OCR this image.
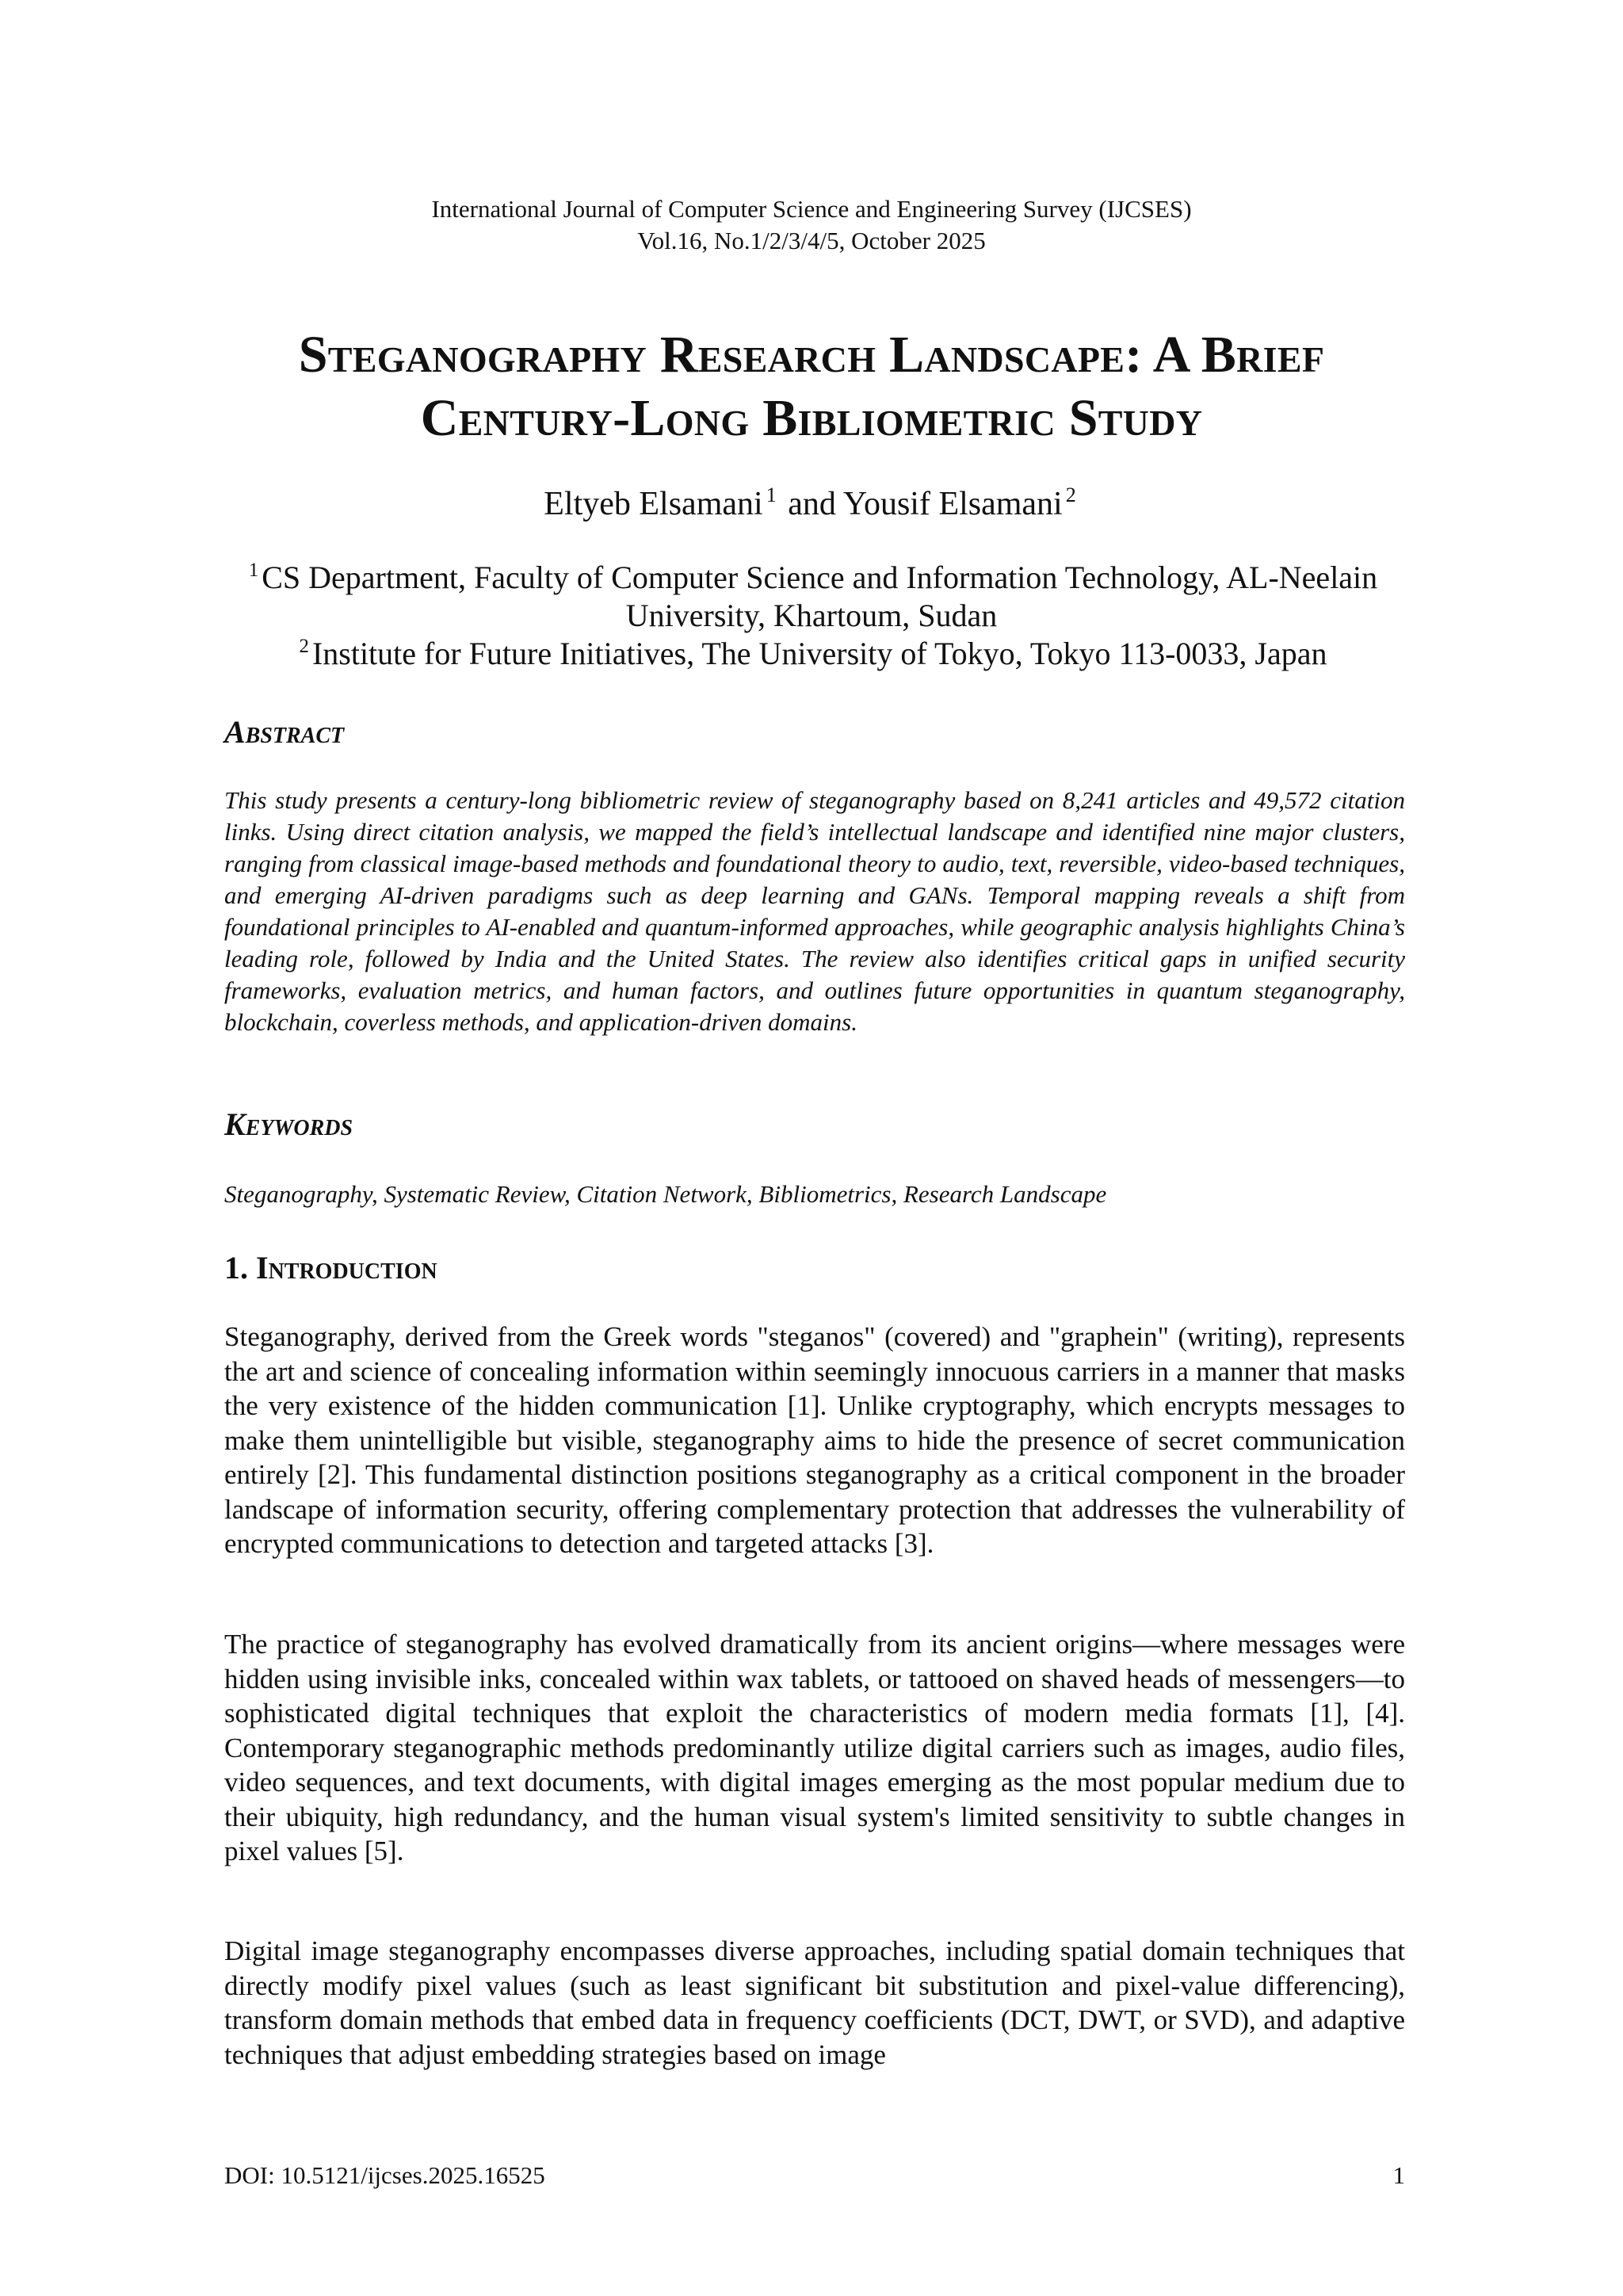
International Journal of Computer Science and Engineering Survey (IJCSES)
Vol.16, No.1/2/3/4/5, October 2025
Steganography Research Landscape: A Brief
Century-Long Bibliometric Study
Eltyeb Elsamani $^1$ and Yousif Elsamani $^2$
$^1$ CS Department, Faculty of Computer Science and Information Technology, AL-Neelain
University, Khartoum, Sudan
$^2$ Institute for Future Initiatives, The University of Tokyo, Tokyo 113-0033, Japan
Abstract

This study presents a century-long bibliometric review of steganography based on 8,241 articles and 49,572 citation links. Using direct citation analysis, we mapped the field’s intellectual landscape and identified nine major clusters, ranging from classical image-based methods and foundational theory to audio, text, reversible, video-based techniques, and emerging AI-driven paradigms such as deep learning and GANs. Temporal mapping reveals a shift from foundational principles to AI-enabled and quantum-informed approaches, while geographic analysis highlights China’s leading role, followed by India and the United States. The review also identifies critical gaps in unified security frameworks, evaluation metrics, and human factors, and outlines future opportunities in quantum steganography, blockchain, coverless methods, and application-driven domains.

Keywords

Steganography, Systematic Review, Citation Network, Bibliometrics, Research Landscape

1. Introduction

Steganography, derived from the Greek words "steganos" (covered) and "graphein" (writing), represents the art and science of concealing information within seemingly innocuous carriers in a manner that masks the very existence of the hidden communication [1]. Unlike cryptography, which encrypts messages to make them unintelligible but visible, steganography aims to hide the presence of secret communication entirely [2]. This fundamental distinction positions steganography as a critical component in the broader landscape of information security, offering complementary protection that addresses the vulnerability of encrypted communications to detection and targeted attacks [3].

The practice of steganography has evolved dramatically from its ancient origins—where messages were hidden using invisible inks, concealed within wax tablets, or tattooed on shaved heads of messengers—to sophisticated digital techniques that exploit the characteristics of modern media formats [1], [4]. Contemporary steganographic methods predominantly utilize digital carriers such as images, audio files, video sequences, and text documents, with digital images emerging as the most popular medium due to their ubiquity, high redundancy, and the human visual system's limited sensitivity to subtle changes in pixel values [5].

Digital image steganography encompasses diverse approaches, including spatial domain techniques that directly modify pixel values (such as least significant bit substitution and pixel-value differencing), transform domain methods that embed data in frequency coefficients (DCT, DWT, or SVD), and adaptive techniques that adjust embedding strategies based on image

DOI: 10.5121/ijcses.2025.16525	1
